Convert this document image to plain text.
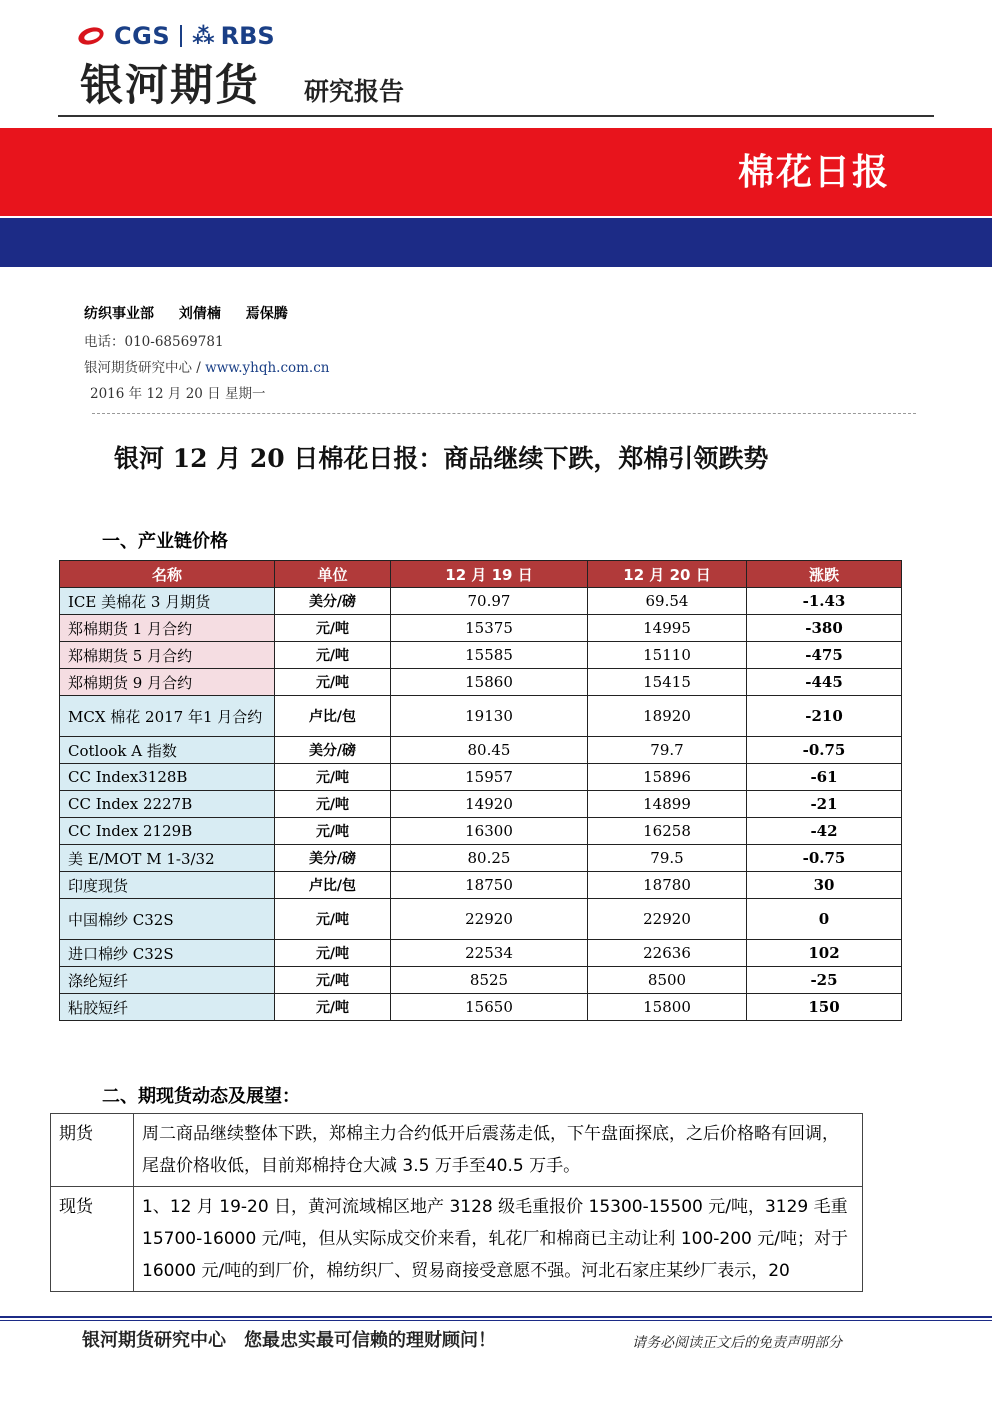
CGS ⁂ RBS
银河期货 研究报告
棉花日报
纺织事业部 刘倩楠 焉保腾
电话：010-68569781
银河期货研究中心 / www.yhqh.com.cn
2016 年 12 月 20 日 星期一
银河 12 月 20 日棉花日报：商品继续下跌，郑棉引领跌势
一、产业链价格
名称	单位	12 月 19 日	12 月 20 日	涨跌
ICE 美棉花 3 月期货	美分/磅	70.97	69.54	-1.43
郑棉期货 1 月合约	元/吨	15375	14995	-380
郑棉期货 5 月合约	元/吨	15585	15110	-475
郑棉期货 9 月合约	元/吨	15860	15415	-445
MCX 棉花 2017 年1 月合约	卢比/包	19130	18920	-210
Cotlook A 指数	美分/磅	80.45	79.7	-0.75
CC Index3128B	元/吨	15957	15896	-61
CC Index 2227B	元/吨	14920	14899	-21
CC Index 2129B	元/吨	16300	16258	-42
美 E/MOT M 1-3/32	美分/磅	80.25	79.5	-0.75
印度现货	卢比/包	18750	18780	30
中国棉纱 C32S	元/吨	22920	22920	0
进口棉纱 C32S	元/吨	22534	22636	102
涤纶短纤	元/吨	8525	8500	-25
粘胶短纤	元/吨	15650	15800	150
二、期现货动态及展望：
期货	周二商品继续整体下跌，郑棉主力合约低开后震荡走低，下午盘面探底，之后价格略有回调，尾盘价格收低，目前郑棉持仓大减 3.5 万手至40.5 万手。
现货	1、12 月 19-20 日，黄河流域棉区地产 3128 级毛重报价 15300-15500 元/吨，3129 毛重 15700-16000 元/吨，但从实际成交价来看，轧花厂和棉商已主动让利 100-200 元/吨；对于 16000 元/吨的到厂价，棉纺织厂、贸易商接受意愿不强。河北石家庄某纱厂表示，20
银河期货研究中心 您最忠实最可信赖的理财顾问！	请务必阅读正文后的免责声明部分
